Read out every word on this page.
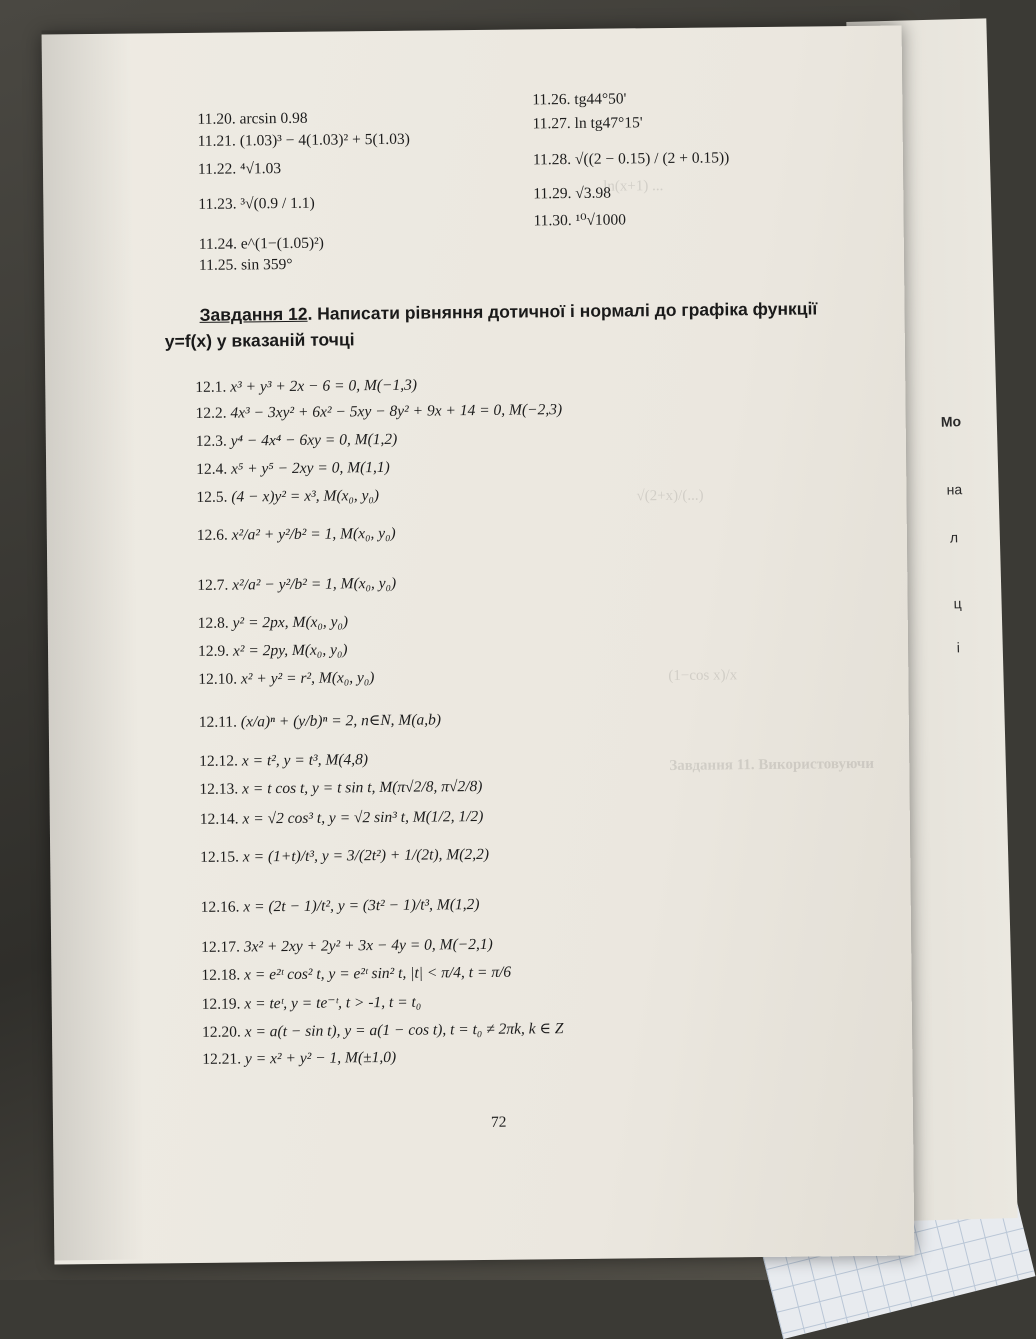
Мо
на
л
ц
і
ln(x+1) ...
√(2+x)/(...)
(1−cos x)/x
Завдання 11. Використовуючи
11.20. arcsin 0.98
11.21. (1.03)³ − 4(1.03)² + 5(1.03)
11.22. ⁴√1.03
11.23. ³√(0.9 / 1.1)
11.24. e^(1−(1.05)²)
11.25. sin 359°
11.26. tg44°50'
11.27. ln tg47°15'
11.28. √((2 − 0.15) / (2 + 0.15))
11.29. √3.98
11.30. ¹⁰√1000
Завдання 12. Написати рівняння дотичної і нормалі до графіка функції
y=f(x) у вказаній точці
12.1. x³ + y³ + 2x − 6 = 0, M(−1,3)
12.2. 4x³ − 3xy² + 6x² − 5xy − 8y² + 9x + 14 = 0, M(−2,3)
12.3. y⁴ − 4x⁴ − 6xy = 0, M(1,2)
12.4. x⁵ + y⁵ − 2xy = 0, M(1,1)
12.5. (4 − x)y² = x³, M(x₀, y₀)
12.6. x²/a² + y²/b² = 1, M(x₀, y₀)
12.7. x²/a² − y²/b² = 1, M(x₀, y₀)
12.8. y² = 2px, M(x₀, y₀)
12.9. x² = 2py, M(x₀, y₀)
12.10. x² + y² = r², M(x₀, y₀)
12.11. (x/a)ⁿ + (y/b)ⁿ = 2, n∈N, M(a,b)
12.12. x = t², y = t³, M(4,8)
12.13. x = t cos t, y = t sin t, M(π√2/8, π√2/8)
12.14. x = √2 cos³ t, y = √2 sin³ t, M(1/2, 1/2)
12.15. x = (1+t)/t³, y = 3/(2t²) + 1/(2t), M(2,2)
12.16. x = (2t − 1)/t², y = (3t² − 1)/t³, M(1,2)
12.17. 3x² + 2xy + 2y² + 3x − 4y = 0, M(−2,1)
12.18. x = e²ᵗ cos² t, y = e²ᵗ sin² t, |t| < π/4, t = π/6
12.19. x = teᵗ, y = te⁻ᵗ, t > -1, t = t₀
12.20. x = a(t − sin t), y = a(1 − cos t), t = t₀ ≠ 2πk, k ∈ Z
12.21. y = x² + y² − 1, M(±1,0)
72
